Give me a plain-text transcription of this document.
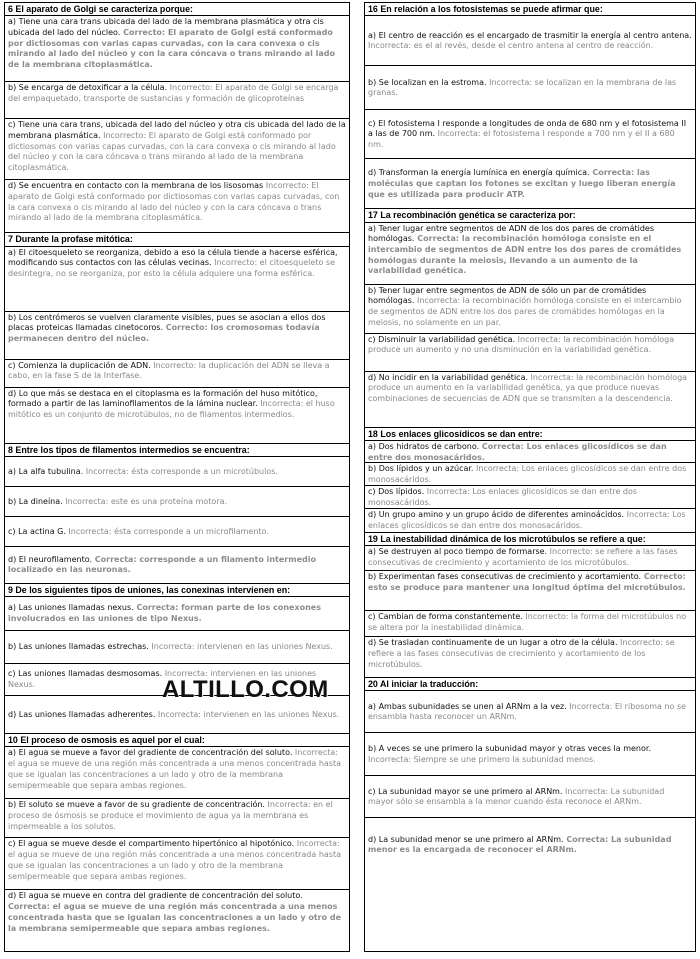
6 El aparato de Golgi se caracteriza porque:
a) Tiene una cara trans ubicada del lado de la membrana plasmática y otra cis ubicada del lado del núcleo. Correcto: El aparato de Golgi está conformado por dictiosomas con varias capas curvadas, con la cara convexa o cis mirando al lado del núcleo y con la cara cóncava o trans mirando al lado de la membrana citoplasmática.
b) Se encarga de detoxificar a la célula. Incorrecto: El aparato de Golgi se encarga del empaquetado, transporte de sustancias y formación de glicoproteínas
c) Tiene una cara trans, ubicada del lado del núcleo y otra cis ubicada del lado de la membrana plasmática. Incorrecto: El aparato de Golgi está conformado por dictiosomas con varias capas curvadas, con la cara convexa o cis mirando al lado del núcleo y con la cara cóncava o trans mirando al lado de la membrana citoplasmática.
d) Se encuentra en contacto con la membrana de los lisosomas Incorrecto: El aparato de Golgi está conformado por dictiosomas con varias capas curvadas, con la cara convexa o cis mirando al lado del núcleo y con la cara cóncava o trans mirando al lado de la membrana citoplasmática.
7 Durante la profase mitótica:
a) El citoesqueleto se reorganiza, debido a eso la célula tiende a hacerse esférica, modificando sus contactos con las células vecinas. Incorrecto: el citoesqueleto se desintegra, no se reorganiza, por esto la célula adquiere una forma esférica.
b) Los centrómeros se vuelven claramente visibles, pues se asocian a ellos dos placas proteicas llamadas cinetocoros. Correcto: los cromosomas todavía permanecen dentro del núcleo.
c) Comienza la duplicación de ADN. Incorrecto: la duplicación del ADN se lleva a cabo, en la fase S de la Interfase.
d) Lo que más se destaca en el citoplasma es la formación del huso mitótico, formado a partir de las laminofilamentos de la lámina nuclear. Incorrecta: el huso mitótico es un conjunto de microtúbulos, no de filamentos intermedios.
8 Entre los tipos de filamentos intermedios se encuentra:
a) La alfa tubulina. Incorrecta: ésta corresponde a un microtúbulos.
b) La dineína. Incorrecta: este es una proteína motora.
c) La actina G. Incorrecta: ésta corresponde a un microfilamento.
d) El neurofilamento. Correcta: corresponde a un filamento intermedio localizado en las neuronas.
9 De los siguientes tipos de uniones, las conexinas intervienen en:
a) Las uniones llamadas nexus. Correcta: forman parte de los conexones involucrados en las uniones de tipo Nexus.
b) Las uniones llamadas estrechas. Incorrecta: intervienen en las uniones Nexus.
c) Las uniones llamadas desmosomas. Incorrecta: intervienen en las uniones Nexus.
d) Las uniones llamadas adherentes. Incorrecta: intervienen en las uniones Nexus.
10 El proceso de osmosis es aquel por el cual:
a) El agua se mueve a favor del gradiente de concentración del soluto. Incorrecta: el agua se mueve de una región más concentrada a una menos concentrada hasta que se igualan las concentraciones a un lado y otro de la membrana semipermeable que separa ambas regiones.
b) El soluto se mueve a favor de su gradiente de concentración. Incorrecta: en el proceso de ósmosis se produce el movimiento de agua ya la membrana es impermeable a los solutos.
c) El agua se mueve desde el compartimento hipertónico al hipotónico. Incorrecta: el agua se mueve de una región más concentrada a una menos concentrada hasta que se igualan las concentraciones a un lado y otro de la membrana semipermeable que separa ambas regiones.
d) El agua se mueve en contra del gradiente de concentración del soluto. Correcta: el agua se mueve de una región más concentrada a una menos concentrada hasta que se igualan las concentraciones a un lado y otro de la membrana semipermeable que separa ambas regiones.
16 En relación a los fotosistemas se puede afirmar que:
a) El centro de reacción es el encargado de trasmitir la energía al centro antena. Incorrecta: es el al revés, desde el centro antena al centro de reacción.
b) Se localizan en la estroma. Incorrecta: se localizan en la membrana de las granas.
c) El fotosistema I responde a longitudes de onda de 680 nm y el fotosistema II a las de 700 nm. Incorrecta: el fotosistema I responde a 700 nm y el II a 680 nm.
d) Transforman la energía lumínica en energía química. Correcta: las moléculas que captan los fotones se excitan y luego liberan energía que es utilizada para producir ATP.
17 La recombinación genética se caracteriza por:
a) Tener lugar entre segmentos de ADN de los dos pares de cromátides homólogas. Correcta: la recombinación homóloga consiste en el intercambio de segmentos de ADN entre los dos pares de cromátides homólogas durante la meiosis, llevando a un aumento de la variabilidad genética.
b) Tener lugar entre segmentos de ADN de sólo un par de cromátides homólogas. Incorrecta: la recombinación homóloga consiste en el intercambio de segmentos de ADN entre los dos pares de cromátides homólogas en la meiosis, no solamente en un par.
c) Disminuir la variabilidad genética. Incorrecta: la recombinación homóloga produce un aumento y no una disminución en la variabilidad genética.
d) No incidir en la variabilidad genética. Incorrecta: la recombinación homóloga produce un aumento en la variabilidad genética, ya que produce nuevas combinaciones de secuencias de ADN que se transmiten a la descendencia.
18 Los enlaces glicosídicos se dan entre:
a) Dos hidratos de carbono. Correcta: Los enlaces glicosídicos se dan entre dos monosacáridos.
b) Dos lípidos y un azúcar. Incorrecta: Los enlaces glicosídicos se dan entre dos monosacáridos.
c) Dos lípidos. Incorrecta: Los enlaces glicosídicos se dan entre dos monosacáridos.
d) Un grupo amino y un grupo ácido de diferentes aminoácidos. Incorrecta: Los enlaces glicosídicos se dan entre dos monosacáridos.
19 La inestabilidad dinámica de los microtúbulos se refiere a que:
a) Se destruyen al poco tiempo de formarse. Incorrecto: se refiere a las fases consecutivas de crecimiento y acortamiento de los microtúbulos.
b) Experimentan fases consecutivas de crecimiento y acortamiento. Correcto: esto se produce para mantener una longitud óptima del microtúbulos.
c) Cambian de forma constantemente. Incorrecto: la forma del microtúbulos no se altera por la inestabilidad dinámica.
d) Se trasladan continuamente de un lugar a otro de la célula. Incorrecto: se refiere a las fases consecutivas de crecimiento y acortamiento de los microtúbulos.
20 Al iniciar la traducción:
a) Ambas subunidades se unen al ARNm a la vez. Incorrecta: El ribosoma no se ensambla hasta reconocer un ARNm.
b) A veces se une primero la subunidad mayor y otras veces la menor. Incorrecta: Siempre se une primero la subunidad menos.
c) La subunidad mayor se une primero al ARNm. Incorrecta: La subunidad mayor sólo se ensambla a la menor cuando ésta reconoce el ARNm.
d) La subunidad menor se une primero al ARNm. Correcta: La subunidad menor es la encargada de reconocer el ARNm.
ALTILLO.COM
